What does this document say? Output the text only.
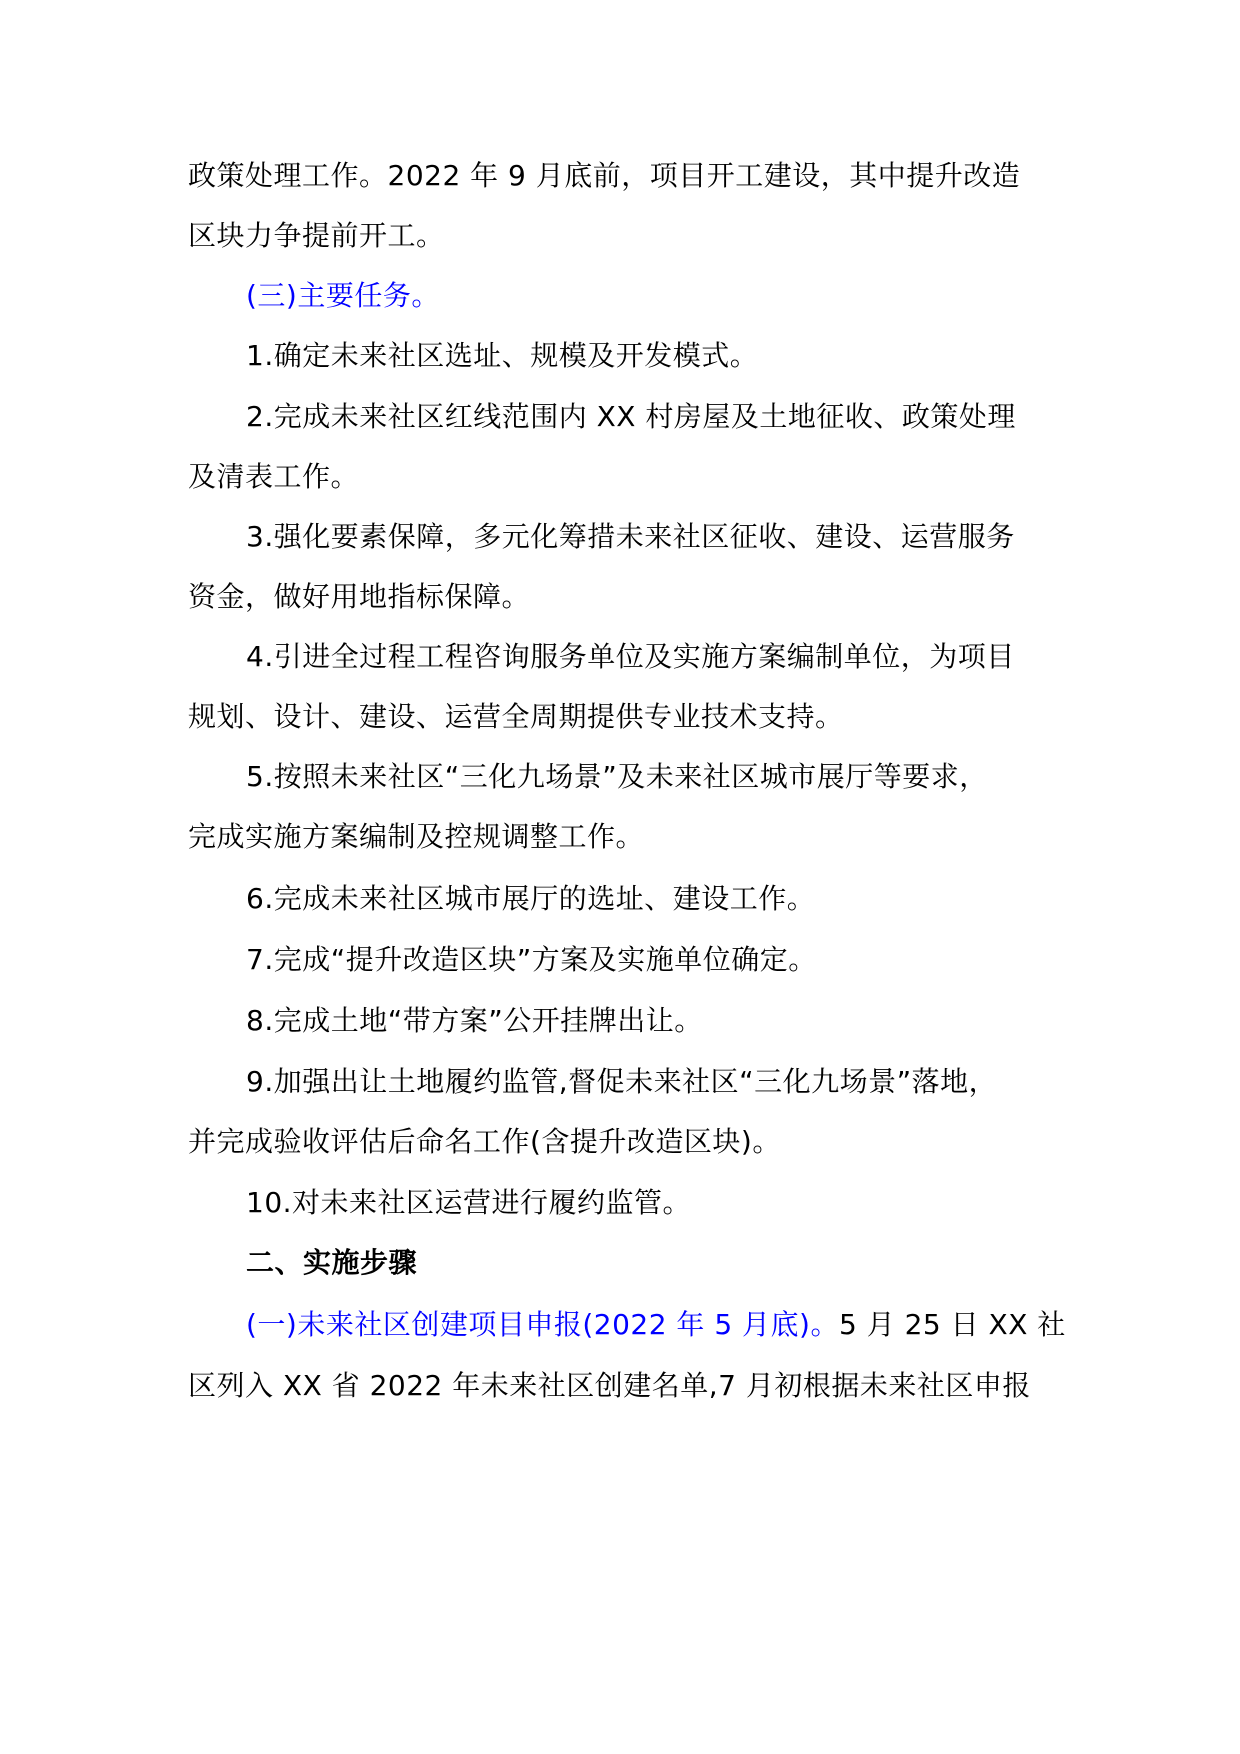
政策处理工作。2022 年 9 月底前，项目开工建设，其中提升改造
区块力争提前开工。
(三)主要任务。
1.确定未来社区选址、规模及开发模式。
2.完成未来社区红线范围内 XX 村房屋及土地征收、政策处理
及清表工作。
3.强化要素保障，多元化筹措未来社区征收、建设、运营服务
资金，做好用地指标保障。
4.引进全过程工程咨询服务单位及实施方案编制单位，为项目
规划、设计、建设、运营全周期提供专业技术支持。
5.按照未来社区“三化九场景”及未来社区城市展厅等要求，
完成实施方案编制及控规调整工作。
6.完成未来社区城市展厅的选址、建设工作。
7.完成“提升改造区块”方案及实施单位确定。
8.完成土地“带方案”公开挂牌出让。
9.加强出让土地履约监管,督促未来社区“三化九场景”落地，
并完成验收评估后命名工作(含提升改造区块)。
10.对未来社区运营进行履约监管。
二、实施步骤
(一)未来社区创建项目申报(2022 年 5 月底)。5 月 25 日 XX 社
区列入 XX 省 2022 年未来社区创建名单,7 月初根据未来社区申报
